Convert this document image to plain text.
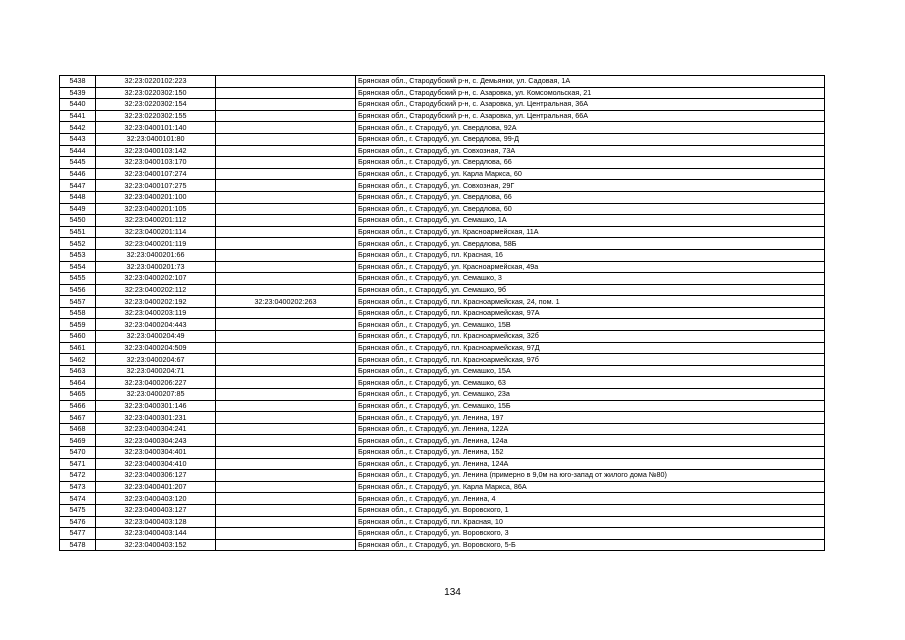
5438	32:23:0220102:223		Брянская обл., Стародубский р-н, с. Демьянки, ул. Садовая, 1А
5439	32:23:0220302:150		Брянская обл., Стародубский р-н, с. Азаровка, ул. Комсомольская, 21
5440	32:23:0220302:154		Брянская обл., Стародубский р-н, с. Азаровка, ул. Центральная, 36А
5441	32:23:0220302:155		Брянская обл., Стародубский р-н, с. Азаровка, ул. Центральная, 66А
5442	32:23:0400101:140		Брянская обл., г. Стародуб, ул. Свердлова, 92А
5443	32:23:0400101:80		Брянская обл., г. Стародуб, ул. Свердлова, 99-Д
5444	32:23:0400103:142		Брянская обл., г. Стародуб, ул. Совхозная, 73А
5445	32:23:0400103:170		Брянская обл., г. Стародуб, ул. Свердлова, 66
5446	32:23:0400107:274		Брянская обл., г. Стародуб, ул. Карла Маркса, 60
5447	32:23:0400107:275		Брянская обл., г. Стародуб, ул. Совхозная, 29Г
5448	32:23:0400201:100		Брянская обл., г. Стародуб, ул. Свердлова, 66
5449	32:23:0400201:105		Брянская обл., г. Стародуб, ул. Свердлова, 60
5450	32:23:0400201:112		Брянская обл., г. Стародуб, ул. Семашко, 1А
5451	32:23:0400201:114		Брянская обл., г. Стародуб, ул. Красноармейская, 11А
5452	32:23:0400201:119		Брянская обл., г. Стародуб, ул. Свердлова, 58Б
5453	32:23:0400201:66		Брянская обл., г. Стародуб, пл. Красная, 16
5454	32:23:0400201:73		Брянская обл., г. Стародуб, ул. Красноармейская, 49а
5455	32:23:0400202:107		Брянская обл., г. Стародуб, ул. Семашко, 3
5456	32:23:0400202:112		Брянская обл., г. Стародуб, ул. Семашко, 9б
5457	32:23:0400202:192	32:23:0400202:263	Брянская обл., г. Стародуб, пл. Красноармейская, 24, пом. 1
5458	32:23:0400203:119		Брянская обл., г. Стародуб, пл. Красноармейская, 97А
5459	32:23:0400204:443		Брянская обл., г. Стародуб, ул. Семашко, 15В
5460	32:23:0400204:49		Брянская обл., г. Стародуб, пл. Красноармейская, 32б
5461	32:23:0400204:509		Брянская обл., г. Стародуб, пл. Красноармейская, 97Д
5462	32:23:0400204:67		Брянская обл., г. Стародуб, пл. Красноармейская, 97б
5463	32:23:0400204:71		Брянская обл., г. Стародуб, ул. Семашко, 15А
5464	32:23:0400206:227		Брянская обл., г. Стародуб, ул. Семашко, 63
5465	32:23:0400207:85		Брянская обл., г. Стародуб, ул. Семашко, 23а
5466	32:23:0400301:146		Брянская обл., г. Стародуб, ул. Семашко, 15Б
5467	32:23:0400301:231		Брянская обл., г. Стародуб, ул. Ленина, 197
5468	32:23:0400304:241		Брянская обл., г. Стародуб, ул. Ленина, 122А
5469	32:23:0400304:243		Брянская обл., г. Стародуб, ул. Ленина, 124а
5470	32:23:0400304:401		Брянская обл., г. Стародуб, ул. Ленина, 152
5471	32:23:0400304:410		Брянская обл., г. Стародуб, ул. Ленина, 124А
5472	32:23:0400306:127		Брянская обл., г. Стародуб, ул. Ленина (примерно в 9,0м на юго-запад от жилого дома №80)
5473	32:23:0400401:207		Брянская обл., г. Стародуб, ул. Карла Маркса, 86А
5474	32:23:0400403:120		Брянская обл., г. Стародуб, ул. Ленина, 4
5475	32:23:0400403:127		Брянская обл., г. Стародуб, ул. Воровского, 1
5476	32:23:0400403:128		Брянская обл., г. Стародуб, пл. Красная, 10
5477	32:23:0400403:144		Брянская обл., г. Стародуб, ул. Воровского, 3
5478	32:23:0400403:152		Брянская обл., г. Стародуб, ул. Воровского, 5-Б
134
